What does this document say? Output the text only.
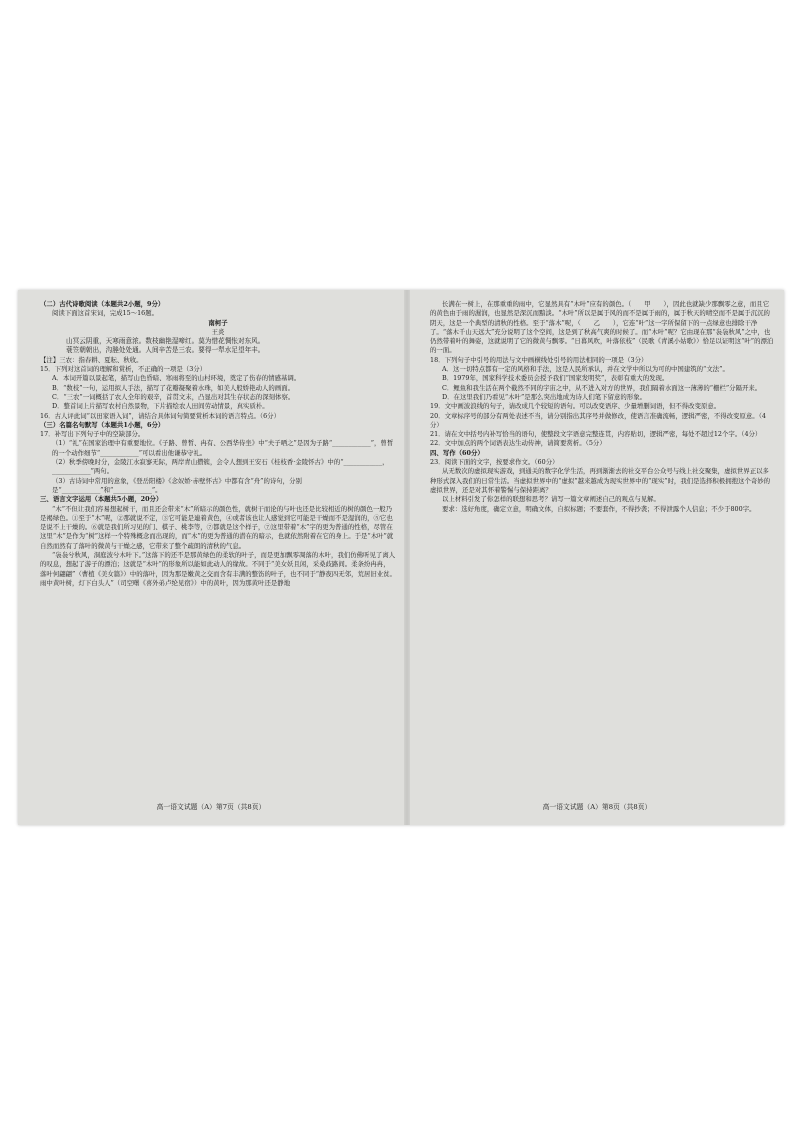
（二）古代诗歌阅读（本题共2小题，9分）

阅读下面这首宋词，完成15～16题。

南柯子

王炎

山冥云阴重，天寒雨意浓。数枝幽艳湿啼红。莫为惜花惆怅对东风。

蓑笠朝朝出，沟塍处处通。人间辛苦是三农。要得一犁水足望年丰。

【注】三农：指春耕、夏耘、秋收。

15．下列对这首词的理解和赏析，不正确的一项是（3分）

A．本词开篇以景起笔，描写山色昏暗、寒雨将至的山村环境，奠定了伤春的情感基调。

B．“数枝”一句，运用拟人手法，描写了花瓣凝聚着水珠，如美人般娇艳动人的画面。

C．“三农”一词概括了农人全年的艰辛，首贯文末，凸显出对其生存状态的深刻体察。

D．整首词上片描写农村自然景物，下片描绘农人田间劳动情景，真实质朴。

16．古人评此词“以田家语入词”，请结合具体词句简要赏析本词的语言特点。（6分）

（三）名篇名句默写（本题共1小题，6分）

17．补写出下列句子中的空缺部分。

（1）“礼”在国家治理中有重要地位。《子路、曾皙、冉有、公西华侍坐》中“夫子哂之”是因为子路“____________”，曾皙的一个动作细节“____________”可以看出他谦恭守礼。

（2）秋季傍晚时分，金陵江水寂寥无际，两岸青山攒簇，会令人想到王安石《桂枝香·金陵怀古》中的“____________，____________”两句。

（3）古诗词中常用的意象，《登岳阳楼》《念奴娇·赤壁怀古》中都有含“舟”的诗句，分别是“____________”和“____________”。

三、语言文字运用（本题共5小题，20分）

“木”不但让我们容易想起树干，而且还会带来“木”所暗示的颜色性，就树干而论的与叶也还是比较相近的树的颜色一般乃是褐绿色。①至于“木”呢，②那就说不定，③它可能是連着黄色，④或者该也让人感觉到它可能是干燥而不是湿润的，⑤它也是说不上干燥的。⑥就是我们所习见的门、棋子、桃李等，⑦都就是这个样子，⑦这里带着“木”字的更为普通的性格，尽管在这里“木”是作为“树”这样一个特殊概念而出现的，而“木”的更为普通的潜在的暗示，也就依然附着在它的身上。于是“木叶”就自然而然有了落叶的微黄与干燥之感，它带来了整个疏朗的清秋的气息。

“袅袅兮秋风，洞庭波兮木叶下。”这落下的还不是那黄绿色的柔软的叶子，而是更加飘零凋落的木叶，我们仿佛听见了离人的叹息，想起了游子的漂泊；这就是“木叶”的形象所以能如此动人的缘故。不同于“美女妖且闲，采桑歧路间。柔条纷冉冉，落叶何翩翩”（曹植《美女篇》）中的落叶，因为那是嫩黄之交而含有丰满的整饬的叶子，也不同于“静夜四无邻，荒居旧业贫。雨中黄叶树，灯下白头人”（司空曙《喜外弟卢纶见宿》）中的黄叶，因为那黄叶还是静地

高一语文试题（A）第7页（共8页）

长满在一树上，在那重重的雨中，它显然具有“木叶”应有的颜色。（　　甲　　），因此也就缺少那飘零之意，而且它的黄色由于雨的濕润，也显然是深沉而黯淡。“木叶”所以是属于风的而不是属于雨的，属于秋天的晴空而不是属于沉沉的阴天，这是一个典型的清秋的性格。至于“落木”呢，（　　乙　　），它连“叶”这一字所保留下的一点绿意也排除干净了。“落木千山天远大”充分说明了这个空间，这是到了秋高气爽的时候了。而“木叶”呢？它由现在那“袅袅秋风”之中，也仍然带着叶的舞姿，这就说明了它的微黄与飘零。“日暮风吹，叶落依枝”（民歌《青溪小姑歌》）恰足以证明这“叶”的漂泊的一面。

18．下列句子中引号的用法与文中画横线处引号的用法相同的一项是（3分）

A．这一切特点都有一定的风格和手法，这是人民所承认，并在文学中所以为可的中国建筑的“文法”。

B．1979年，国家科学技术委员会授予我们“国家发明奖”，表彰有重大的发现。

C．鲤鱼和我生活在两个截然不同的宇宙之中，从不进入对方的世界，我们隔着水面这一薄薄的“栅栏”分隔开来。

D．在这里我们乃看见“木叶”是那么突出地成为诗人们笔下留意的形象。

19．文中画波浪线的句子，请改成几个较短的语句。可以改变语序、少量增删词语，但不得改变原意。

20．文章标序号的部分有两处表述不当，请分别指出其序号并做修改，使语言准确流畅，逻辑严密，不得改变原意。（4分）

21．请在文中括号内补写恰当的语句，使整段文字语意完整连贯，内容贴切，逻辑严密，每处不超过12个字。（4分）

22．文中加点的两个词语表达生动传神，请简要赏析。（5分）

四、写作（60分）

23．阅读下面的文字，按要求作文。（60分）

从无数次的虚拟现实游戏，到通关的数字化学生活，再到渐渐去的社交平台公众号与线上社交聚集，虚拟世界正以多种形式深入我们的日常生活。当虚拟世界中的“虚拟”越来越成为现实世界中的“现实”时，我们是选择积极拥抱这个奇妙的虚拟世界，还是对其怀着警惕与保持距离？

以上材料引发了你怎样的联想和思考？请写一篇文章阐述自己的观点与见解。

要求：选好角度，确定立意，明确文体，自拟标题；不要套作，不得抄袭；不得泄露个人信息；不少于800字。

高一语文试题（A）第8页（共8页）
